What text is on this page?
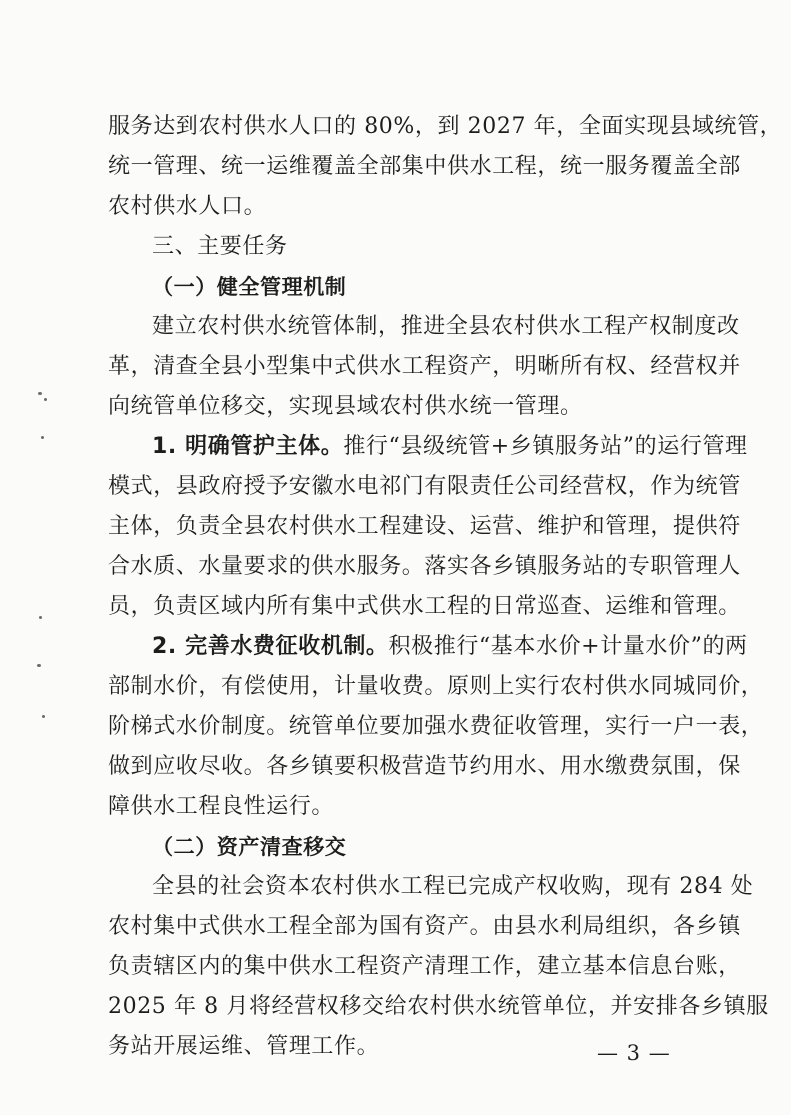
服务达到农村供水人口的 80%，到 2027 年，全面实现县域统管，
统一管理、统一运维覆盖全部集中供水工程，统一服务覆盖全部
农村供水人口。
三、主要任务
（一）健全管理机制
建立农村供水统管体制，推进全县农村供水工程产权制度改
革，清查全县小型集中式供水工程资产，明晰所有权、经营权并
向统管单位移交，实现县域农村供水统一管理。
1. 明确管护主体。推行“县级统管+乡镇服务站”的运行管理
模式，县政府授予安徽水电祁门有限责任公司经营权，作为统管
主体，负责全县农村供水工程建设、运营、维护和管理，提供符
合水质、水量要求的供水服务。落实各乡镇服务站的专职管理人
员，负责区域内所有集中式供水工程的日常巡查、运维和管理。
2. 完善水费征收机制。积极推行“基本水价+计量水价”的两
部制水价，有偿使用，计量收费。原则上实行农村供水同城同价，
阶梯式水价制度。统管单位要加强水费征收管理，实行一户一表，
做到应收尽收。各乡镇要积极营造节约用水、用水缴费氛围，保
障供水工程良性运行。
（二）资产清查移交
全县的社会资本农村供水工程已完成产权收购，现有 284 处
农村集中式供水工程全部为国有资产。由县水利局组织，各乡镇
负责辖区内的集中供水工程资产清理工作，建立基本信息台账，
2025 年 8 月将经营权移交给农村供水统管单位，并安排各乡镇服
务站开展运维、管理工作。	— 3 —
